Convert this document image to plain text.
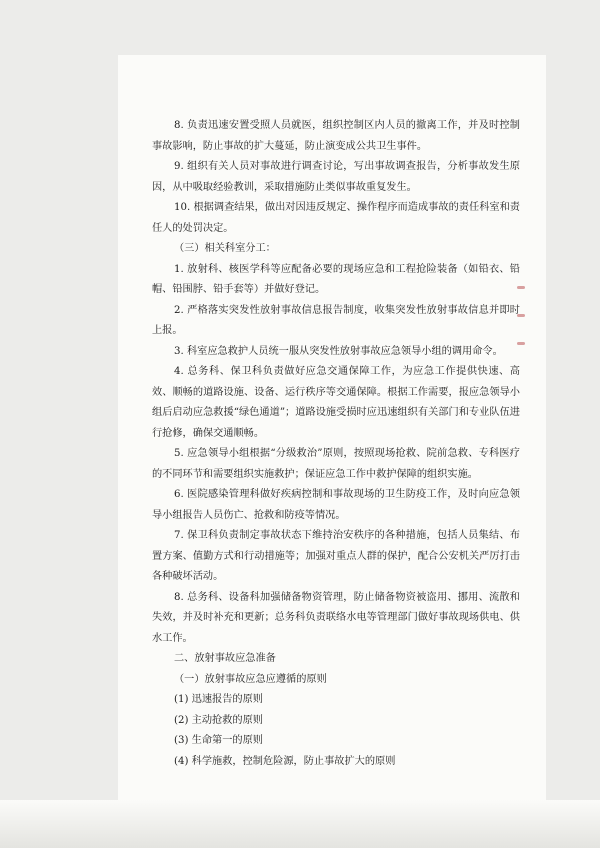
8. 负责迅速安置受照人员就医，组织控制区内人员的撤离工作，并及时控制事故影响，防止事故的扩大蔓延，防止演变成公共卫生事件。

9. 组织有关人员对事故进行调查讨论，写出事故调查报告，分析事故发生原因，从中吸取经验教训，采取措施防止类似事故重复发生。

10. 根据调查结果，做出对因违反规定、操作程序而造成事故的责任科室和责任人的处罚决定。

（三）相关科室分工：

1. 放射科、核医学科等应配备必要的现场应急和工程抢险装备（如铅衣、铅帽、铅围脖、铅手套等）并做好登记。

2. 严格落实突发性放射事故信息报告制度，收集突发性放射事故信息并即时上报。

3. 科室应急救护人员统一服从突发性放射事故应急领导小组的调用命令。

4. 总务科、保卫科负责做好应急交通保障工作，为应急工作提供快速、高效、顺畅的道路设施、设备、运行秩序等交通保障。根据工作需要，报应急领导小组后启动应急救援“绿色通道”；道路设施受损时应迅速组织有关部门和专业队伍进行抢修，确保交通顺畅。

5. 应急领导小组根据“分级救治”原则，按照现场抢救、院前急救、专科医疗的不同环节和需要组织实施救护；保证应急工作中救护保障的组织实施。

6. 医院感染管理科做好疾病控制和事故现场的卫生防疫工作，及时向应急领导小组报告人员伤亡、抢救和防疫等情况。

7. 保卫科负责制定事故状态下维持治安秩序的各种措施，包括人员集结、布置方案、值勤方式和行动措施等；加强对重点人群的保护，配合公安机关严厉打击各种破坏活动。

8. 总务科、设备科加强储备物资管理，防止储备物资被盗用、挪用、流散和失效，并及时补充和更新；总务科负责联络水电等管理部门做好事故现场供电、供水工作。

二、放射事故应急准备

（一）放射事故应急应遵循的原则

(1) 迅速报告的原则

(2) 主动抢救的原则

(3) 生命第一的原则

(4) 科学施救，控制危险源，防止事故扩大的原则
